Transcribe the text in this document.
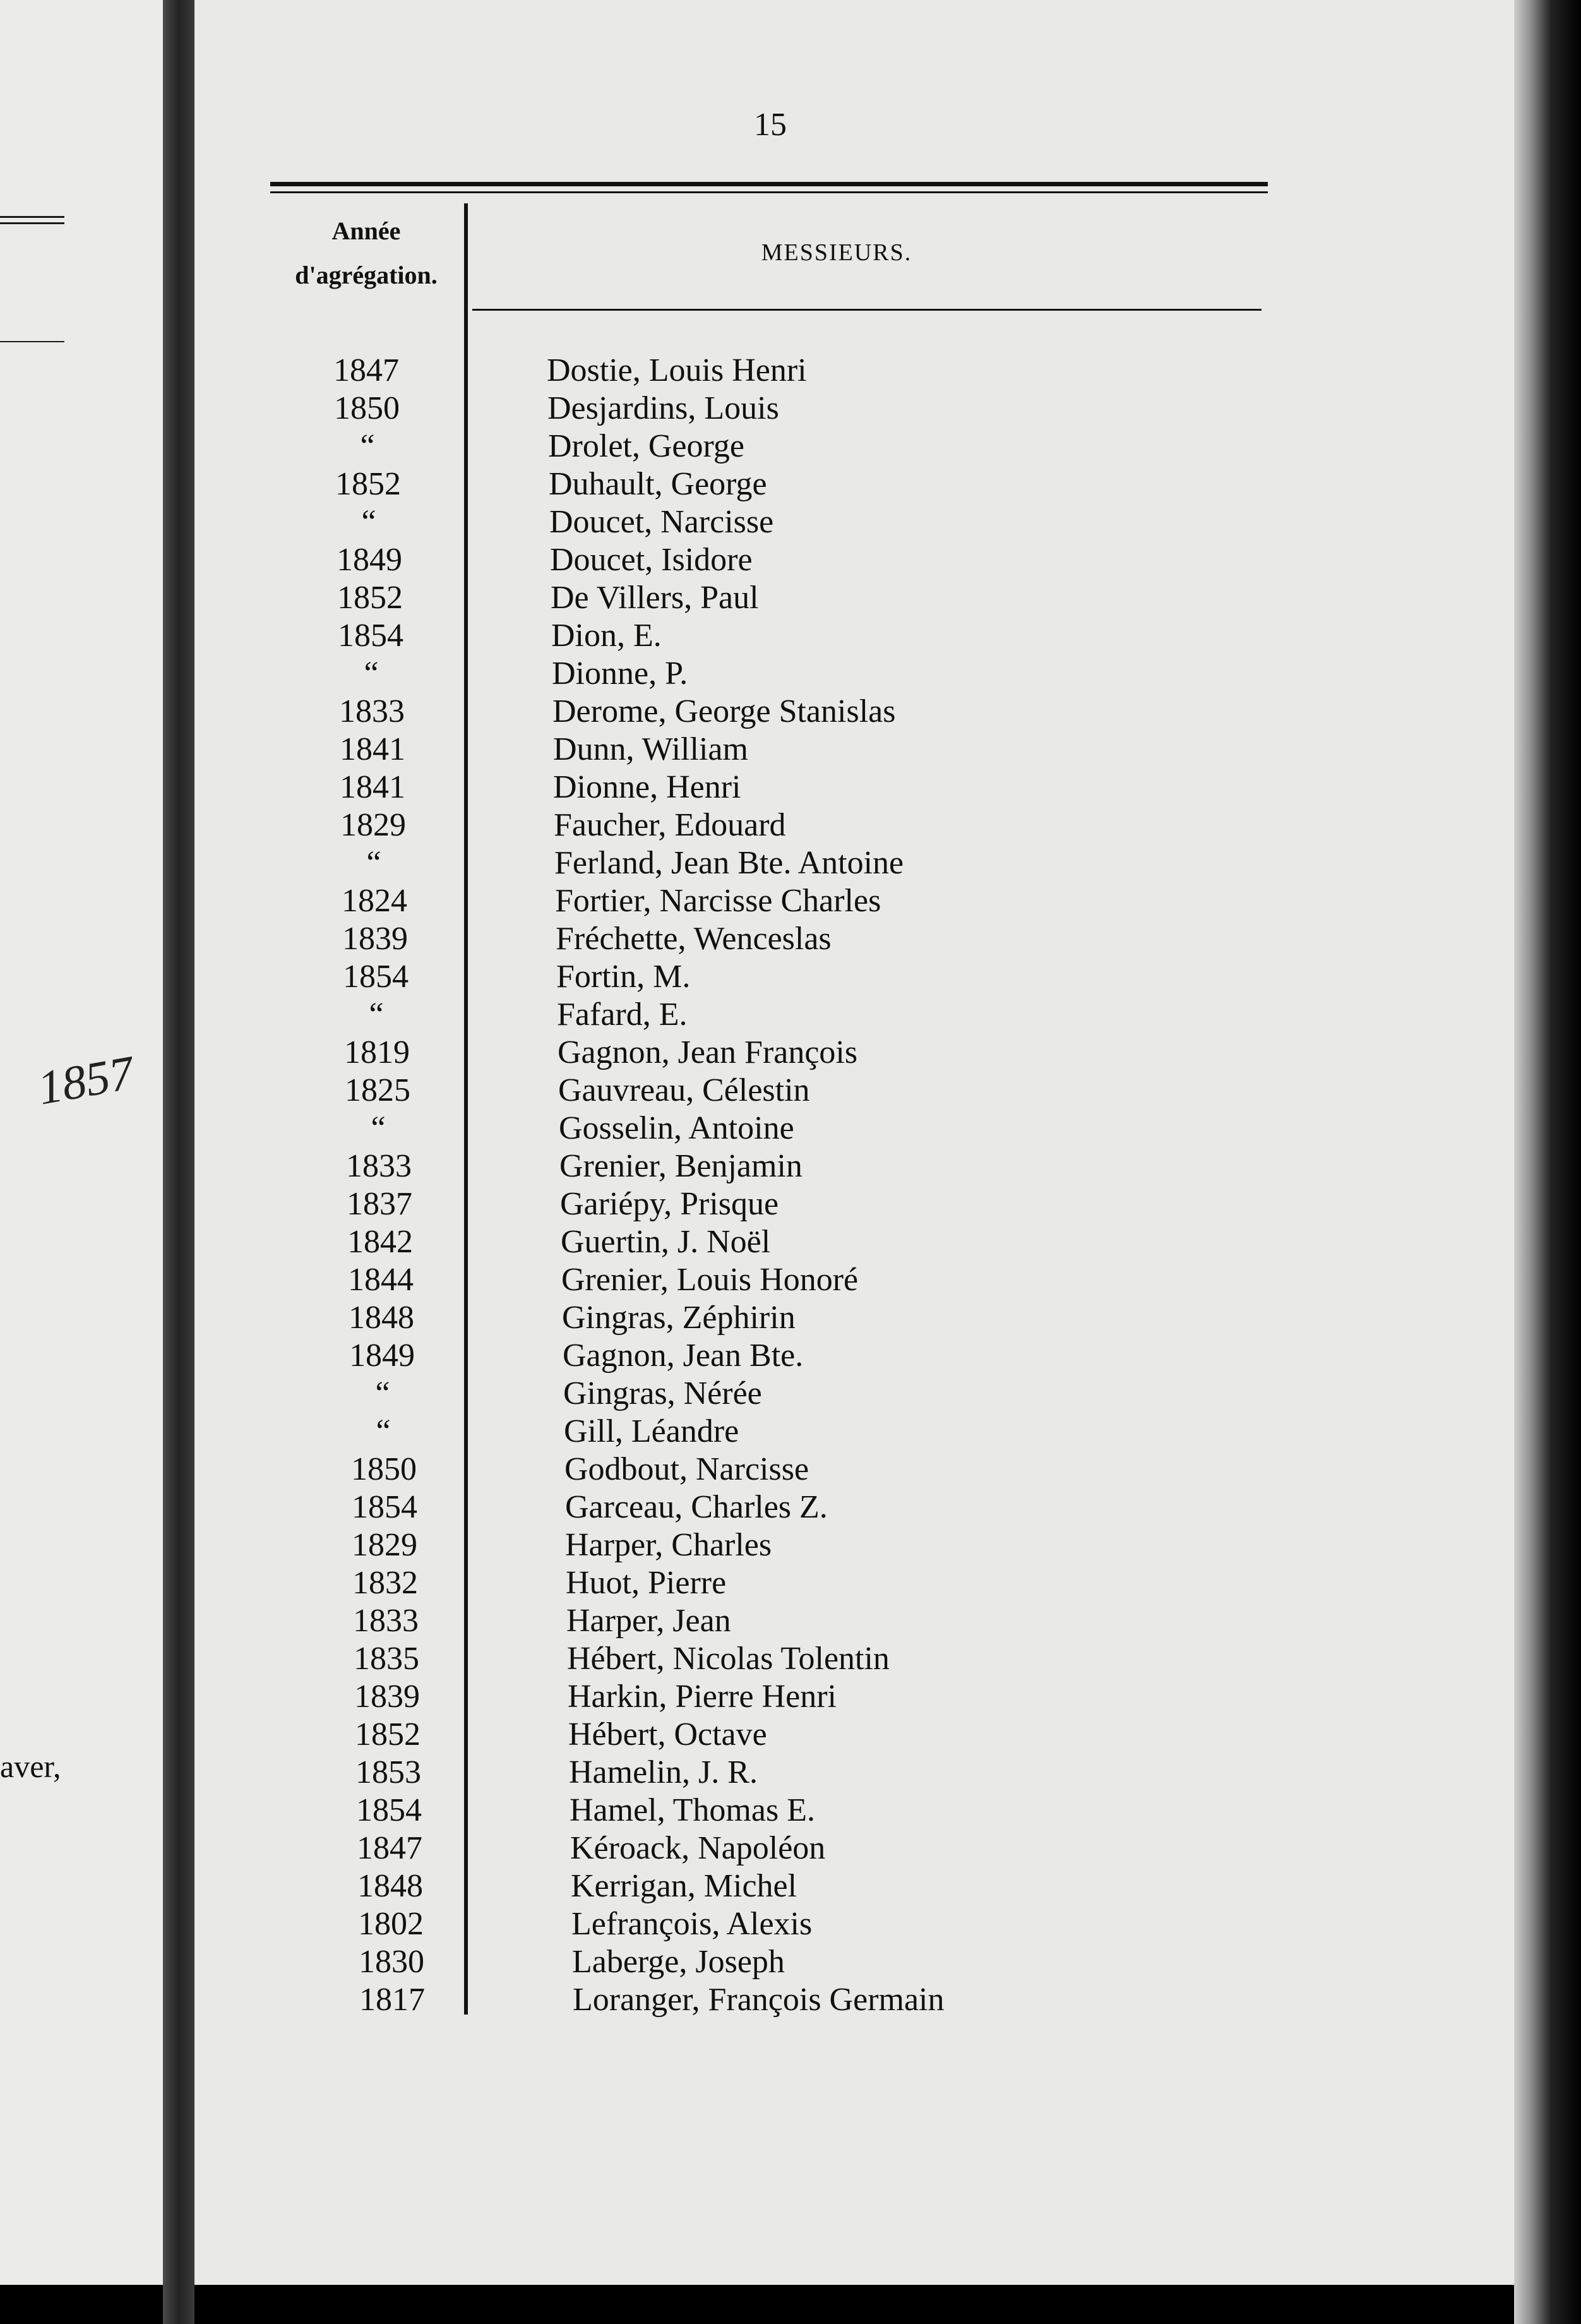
1857
aver,
15
Année
d'agrégation.
MESSIEURS.
1847	Dostie, Louis Henri
1850	Desjardins, Louis
“	Drolet, George
1852	Duhault, George
“	Doucet, Narcisse
1849	Doucet, Isidore
1852	De Villers, Paul
1854	Dion, E.
“	Dionne, P.
1833	Derome, George Stanislas
1841	Dunn, William
1841	Dionne, Henri
1829	Faucher, Edouard
“	Ferland, Jean Bte. Antoine
1824	Fortier, Narcisse Charles
1839	Fréchette, Wenceslas
1854	Fortin, M.
“	Fafard, E.
1819	Gagnon, Jean François
1825	Gauvreau, Célestin
“	Gosselin, Antoine
1833	Grenier, Benjamin
1837	Gariépy, Prisque
1842	Guertin, J. Noël
1844	Grenier, Louis Honoré
1848	Gingras, Zéphirin
1849	Gagnon, Jean Bte.
“	Gingras, Nérée
“	Gill, Léandre
1850	Godbout, Narcisse
1854	Garceau, Charles Z.
1829	Harper, Charles
1832	Huot, Pierre
1833	Harper, Jean
1835	Hébert, Nicolas Tolentin
1839	Harkin, Pierre Henri
1852	Hébert, Octave
1853	Hamelin, J. R.
1854	Hamel, Thomas E.
1847	Kéroack, Napoléon
1848	Kerrigan, Michel
1802	Lefrançois, Alexis
1830	Laberge, Joseph
1817	Loranger, François Germain
